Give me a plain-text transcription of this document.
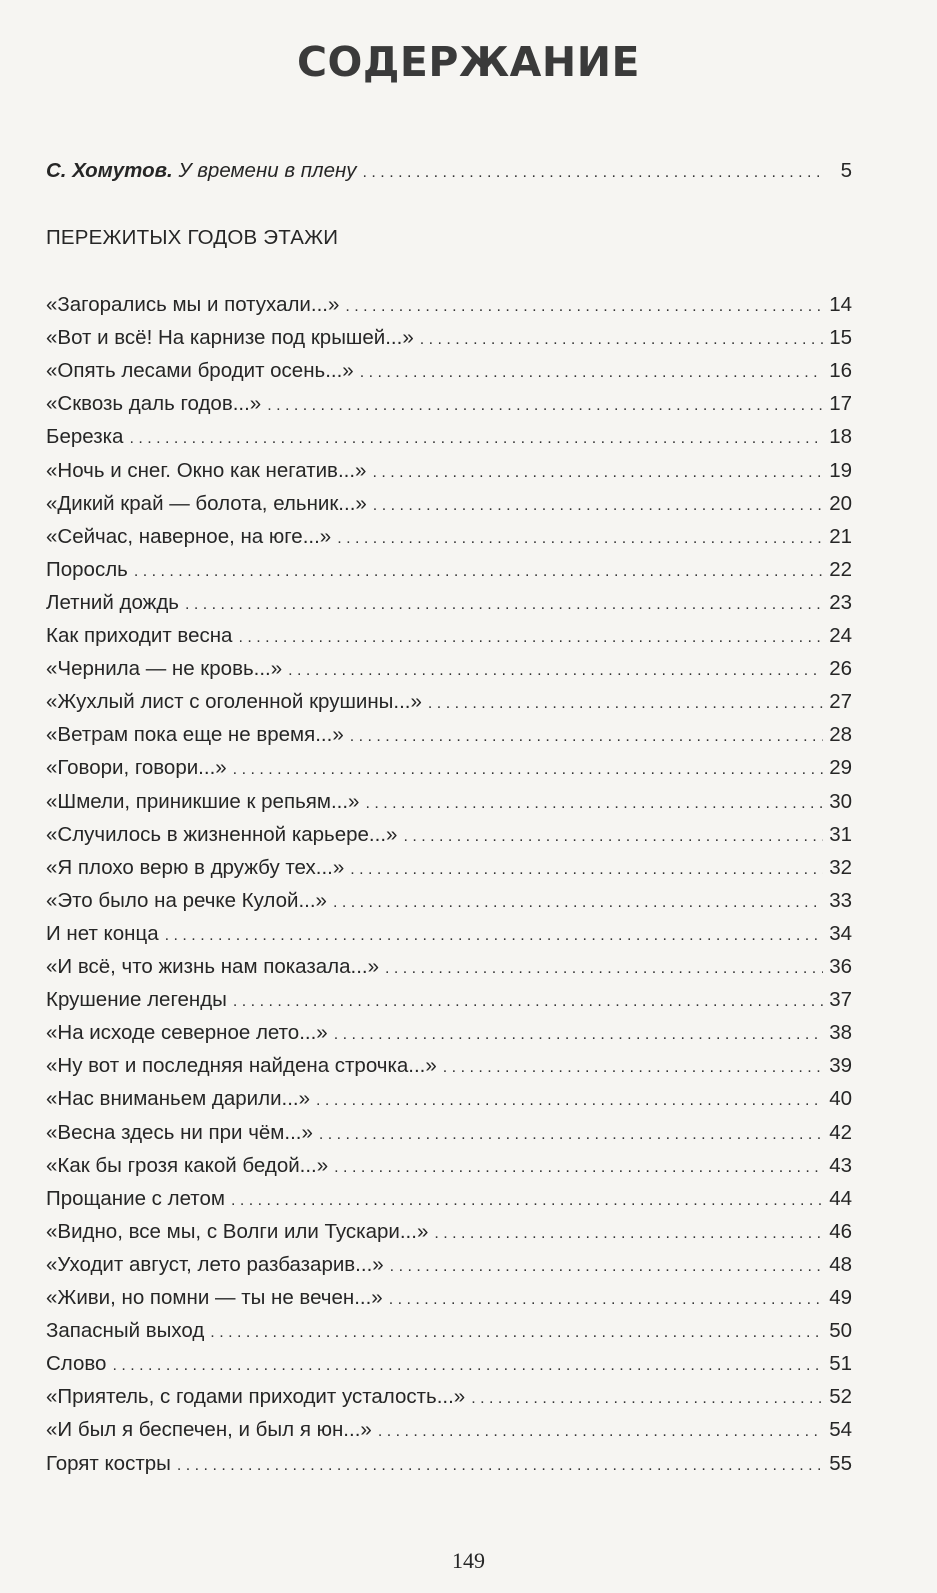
СОДЕРЖАНИЕ
С. Хомутов. У времени в плену . . .	5
ПЕРЕЖИТЫХ ГОДОВ ЭТАЖИ
«Загорались мы и потухали...» . . .	14
«Вот и всё! На карнизе под крышей...» . . .	15
«Опять лесами бродит осень...» . . .	16
«Сквозь даль годов...» . . .	17
Березка . . .	18
«Ночь и снег. Окно как негатив...» . . .	19
«Дикий край — болота, ельник...» . . .	20
«Сейчас, наверное, на юге...» . . .	21
Поросль . . .	22
Летний дождь . . .	23
Как приходит весна . . .	24
«Чернила — не кровь...» . . .	26
«Жухлый лист с оголенной крушины...» . . .	27
«Ветрам пока еще не время...» . . .	28
«Говори, говори...» . . .	29
«Шмели, приникшие к репьям...» . . .	30
«Случилось в жизненной карьере...» . . .	31
«Я плохо верю в дружбу тех...» . . .	32
«Это было на речке Кулой...» . . .	33
И нет конца . . .	34
«И всё, что жизнь нам показала...» . . .	36
Крушение легенды . . .	37
«На исходе северное лето...» . . .	38
«Ну вот и последняя найдена строчка...» . . .	39
«Нас вниманьем дарили...» . . .	40
«Весна здесь ни при чём...» . . .	42
«Как бы грозя какой бедой...» . . .	43
Прощание с летом . . .	44
«Видно, все мы, с Волги или Тускари...» . . .	46
«Уходит август, лето разбазарив...» . . .	48
«Живи, но помни — ты не вечен...» . . .	49
Запасный выход . . .	50
Слово . . .	51
«Приятель, с годами приходит усталость...» . . .	52
«И был я беспечен, и был я юн...» . . .	54
Горят костры . . .	55
149
